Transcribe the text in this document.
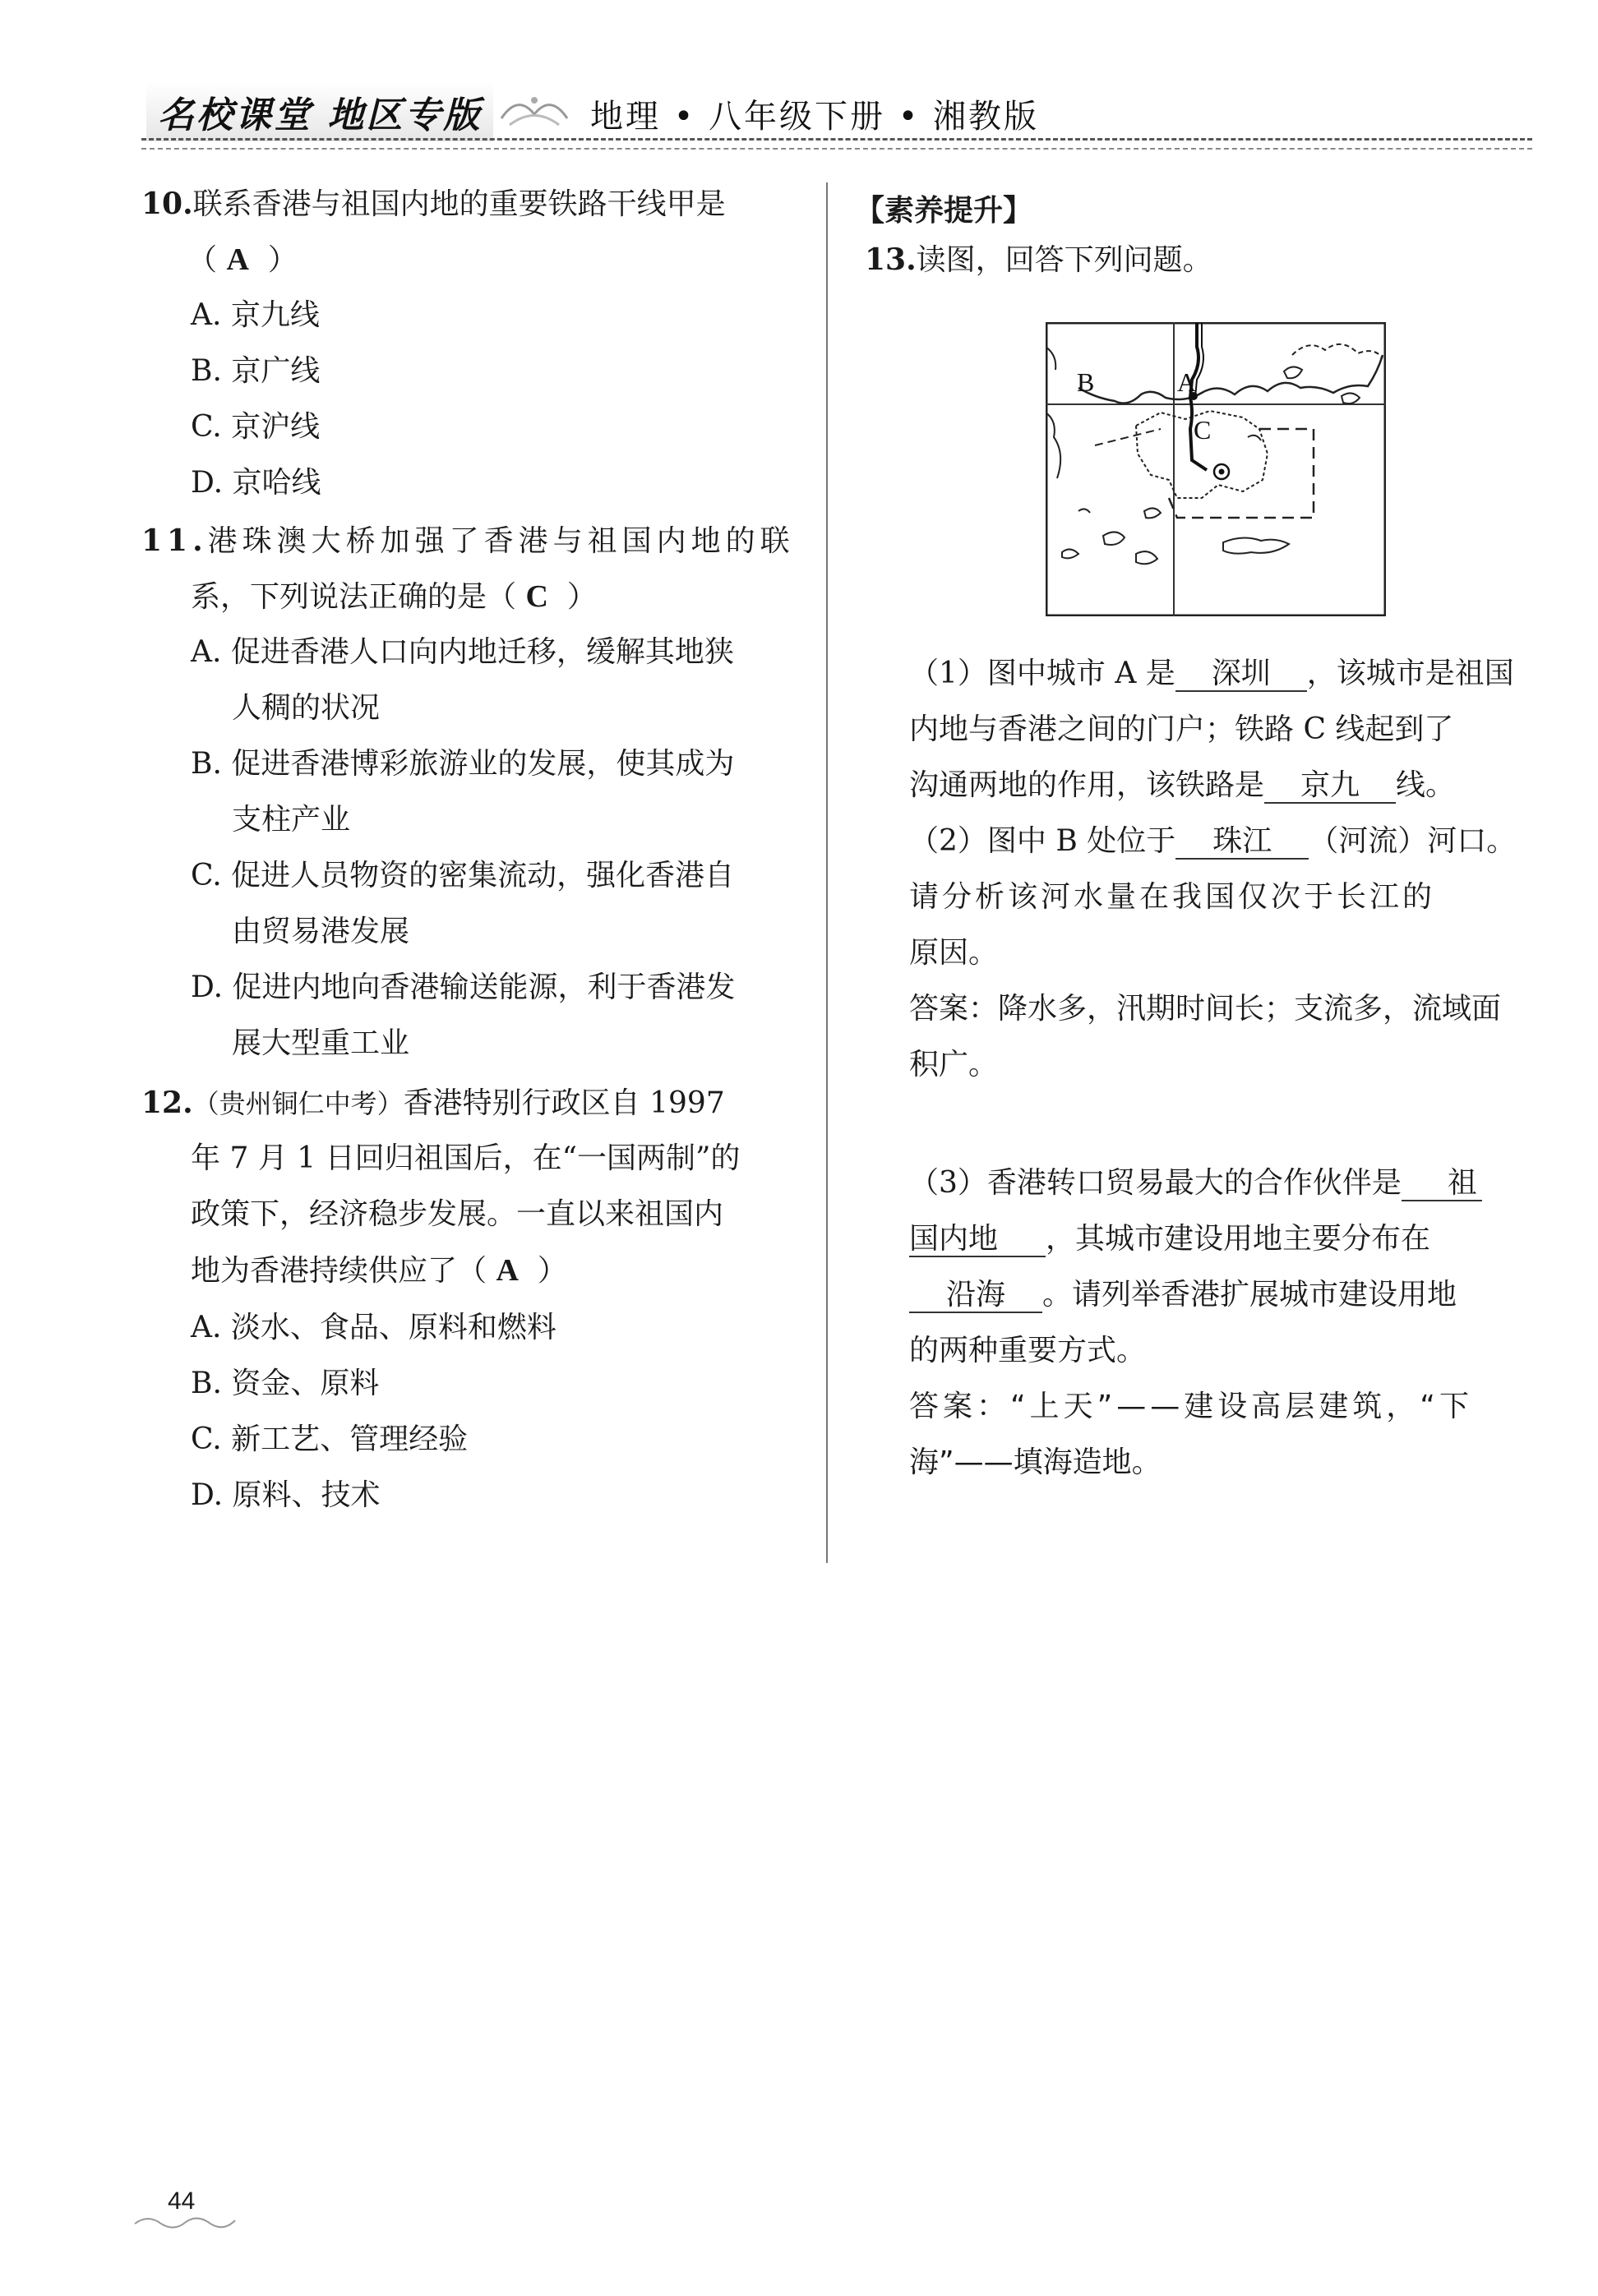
名校课堂 地区专版	地理 • 八年级下册 • 湘教版
10.联系香港与祖国内地的重要铁路干线甲是
（ A ）
A. 京九线
B. 京广线
C. 京沪线
D. 京哈线
11.港珠澳大桥加强了香港与祖国内地的联
系，下列说法正确的是（ C ）
A. 促进香港人口向内地迁移，缓解其地狭
人稠的状况
B. 促进香港博彩旅游业的发展，使其成为
支柱产业
C. 促进人员物资的密集流动，强化香港自
由贸易港发展
D. 促进内地向香港输送能源，利于香港发
展大型重工业
12.（贵州铜仁中考）香港特别行政区自 1997
年 7 月 1 日回归祖国后，在“一国两制”的
政策下，经济稳步发展。一直以来祖国内
地为香港持续供应了（ A ）
A. 淡水、食品、原料和燃料
B. 资金、原料
C. 新工艺、管理经验
D. 原料、技术
【素养提升】
13.读图，回答下列问题。
B	A
C
（1）图中城市 A 是 深圳 ，该城市是祖国
内地与香港之间的门户；铁路 C 线起到了
沟通两地的作用，该铁路是 京九 线。
（2）图中 B 处位于 珠江 （河流）河口。
请分析该河水量在我国仅次于长江的
原因。
答案：降水多，汛期时间长；支流多，流域面
积广。
（3）香港转口贸易最大的合作伙伴是 祖
国内地 ，其城市建设用地主要分布在
沿海 。请列举香港扩展城市建设用地
的两种重要方式。
答案：“上天”——建设高层建筑，“下
海”——填海造地。
44
